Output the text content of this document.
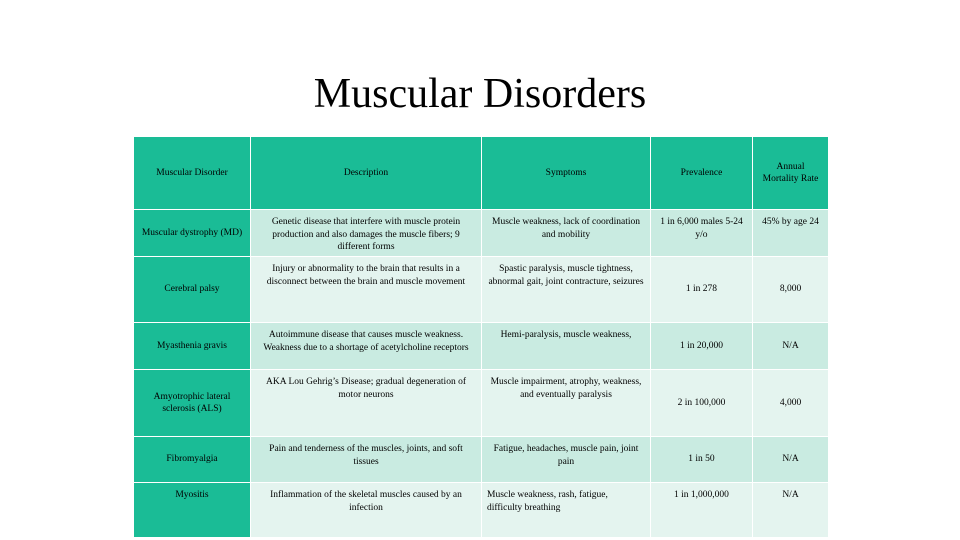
Muscular Disorders
Muscular Disorder	Description	Symptoms	Prevalence	Annual Mortality Rate
Muscular dystrophy (MD)	Genetic disease that interfere with muscle protein production and also damages the muscle fibers; 9 different forms	Muscle weakness, lack of coordination and mobility	1 in 6,000 males 5-24 y/o	45% by age 24
Cerebral palsy	Injury or abnormality to the brain that results in a disconnect between the brain and muscle movement	Spastic paralysis, muscle tightness, abnormal gait, joint contracture, seizures	1 in 278	8,000
Myasthenia gravis	Autoimmune disease that causes muscle weakness. Weakness due to a shortage of acetylcholine receptors	Hemi-paralysis, muscle weakness,	1 in 20,000	N/A
Amyotrophic lateral sclerosis (ALS)	AKA Lou Gehrig’s Disease; gradual degeneration of motor neurons	Muscle impairment, atrophy, weakness, and eventually paralysis	2 in 100,000	4,000
Fibromyalgia	Pain and tenderness of the muscles, joints, and soft tissues	Fatigue, headaches, muscle pain, joint pain	1 in 50	N/A
Myositis	Inflammation of the skeletal muscles caused by an infection	Muscle weakness, rash, fatigue, difficulty breathing	1 in 1,000,000	N/A
